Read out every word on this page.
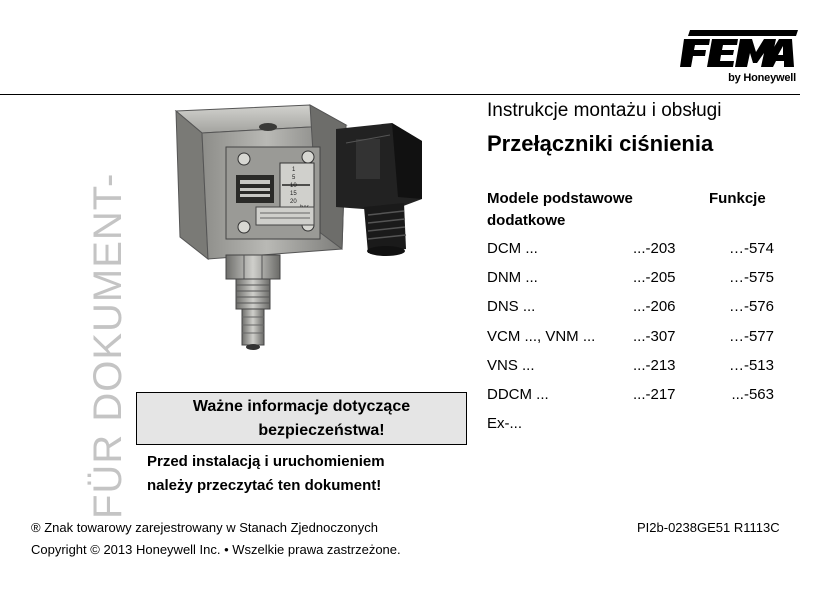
by Honeywell
FÜR DOKUMENT-
1
5
10
15
20
Ważne informacje dotyczące
bezpieczeństwa!
Przed instalacją i uruchomieniem
należy przeczytać ten dokument!
Instrukcje montażu i obsługi
Przełączniki ciśnienia
Modele podstawowe
dodatkowe
Funkcje
DCM ...	...-203	…-574
DNM ...	...-205	…-575
DNS ...	...-206	…-576
VCM ..., VNM ...	...-307	…-577
VNS ...	...-213	…-513
DDCM ...	...-217	...-563
Ex-...
® Znak towarowy zarejestrowany w Stanach Zjednoczonych
Copyright © 2013 Honeywell Inc. • Wszelkie prawa zastrzeżone.
PI2b-0238GE51 R1113C
